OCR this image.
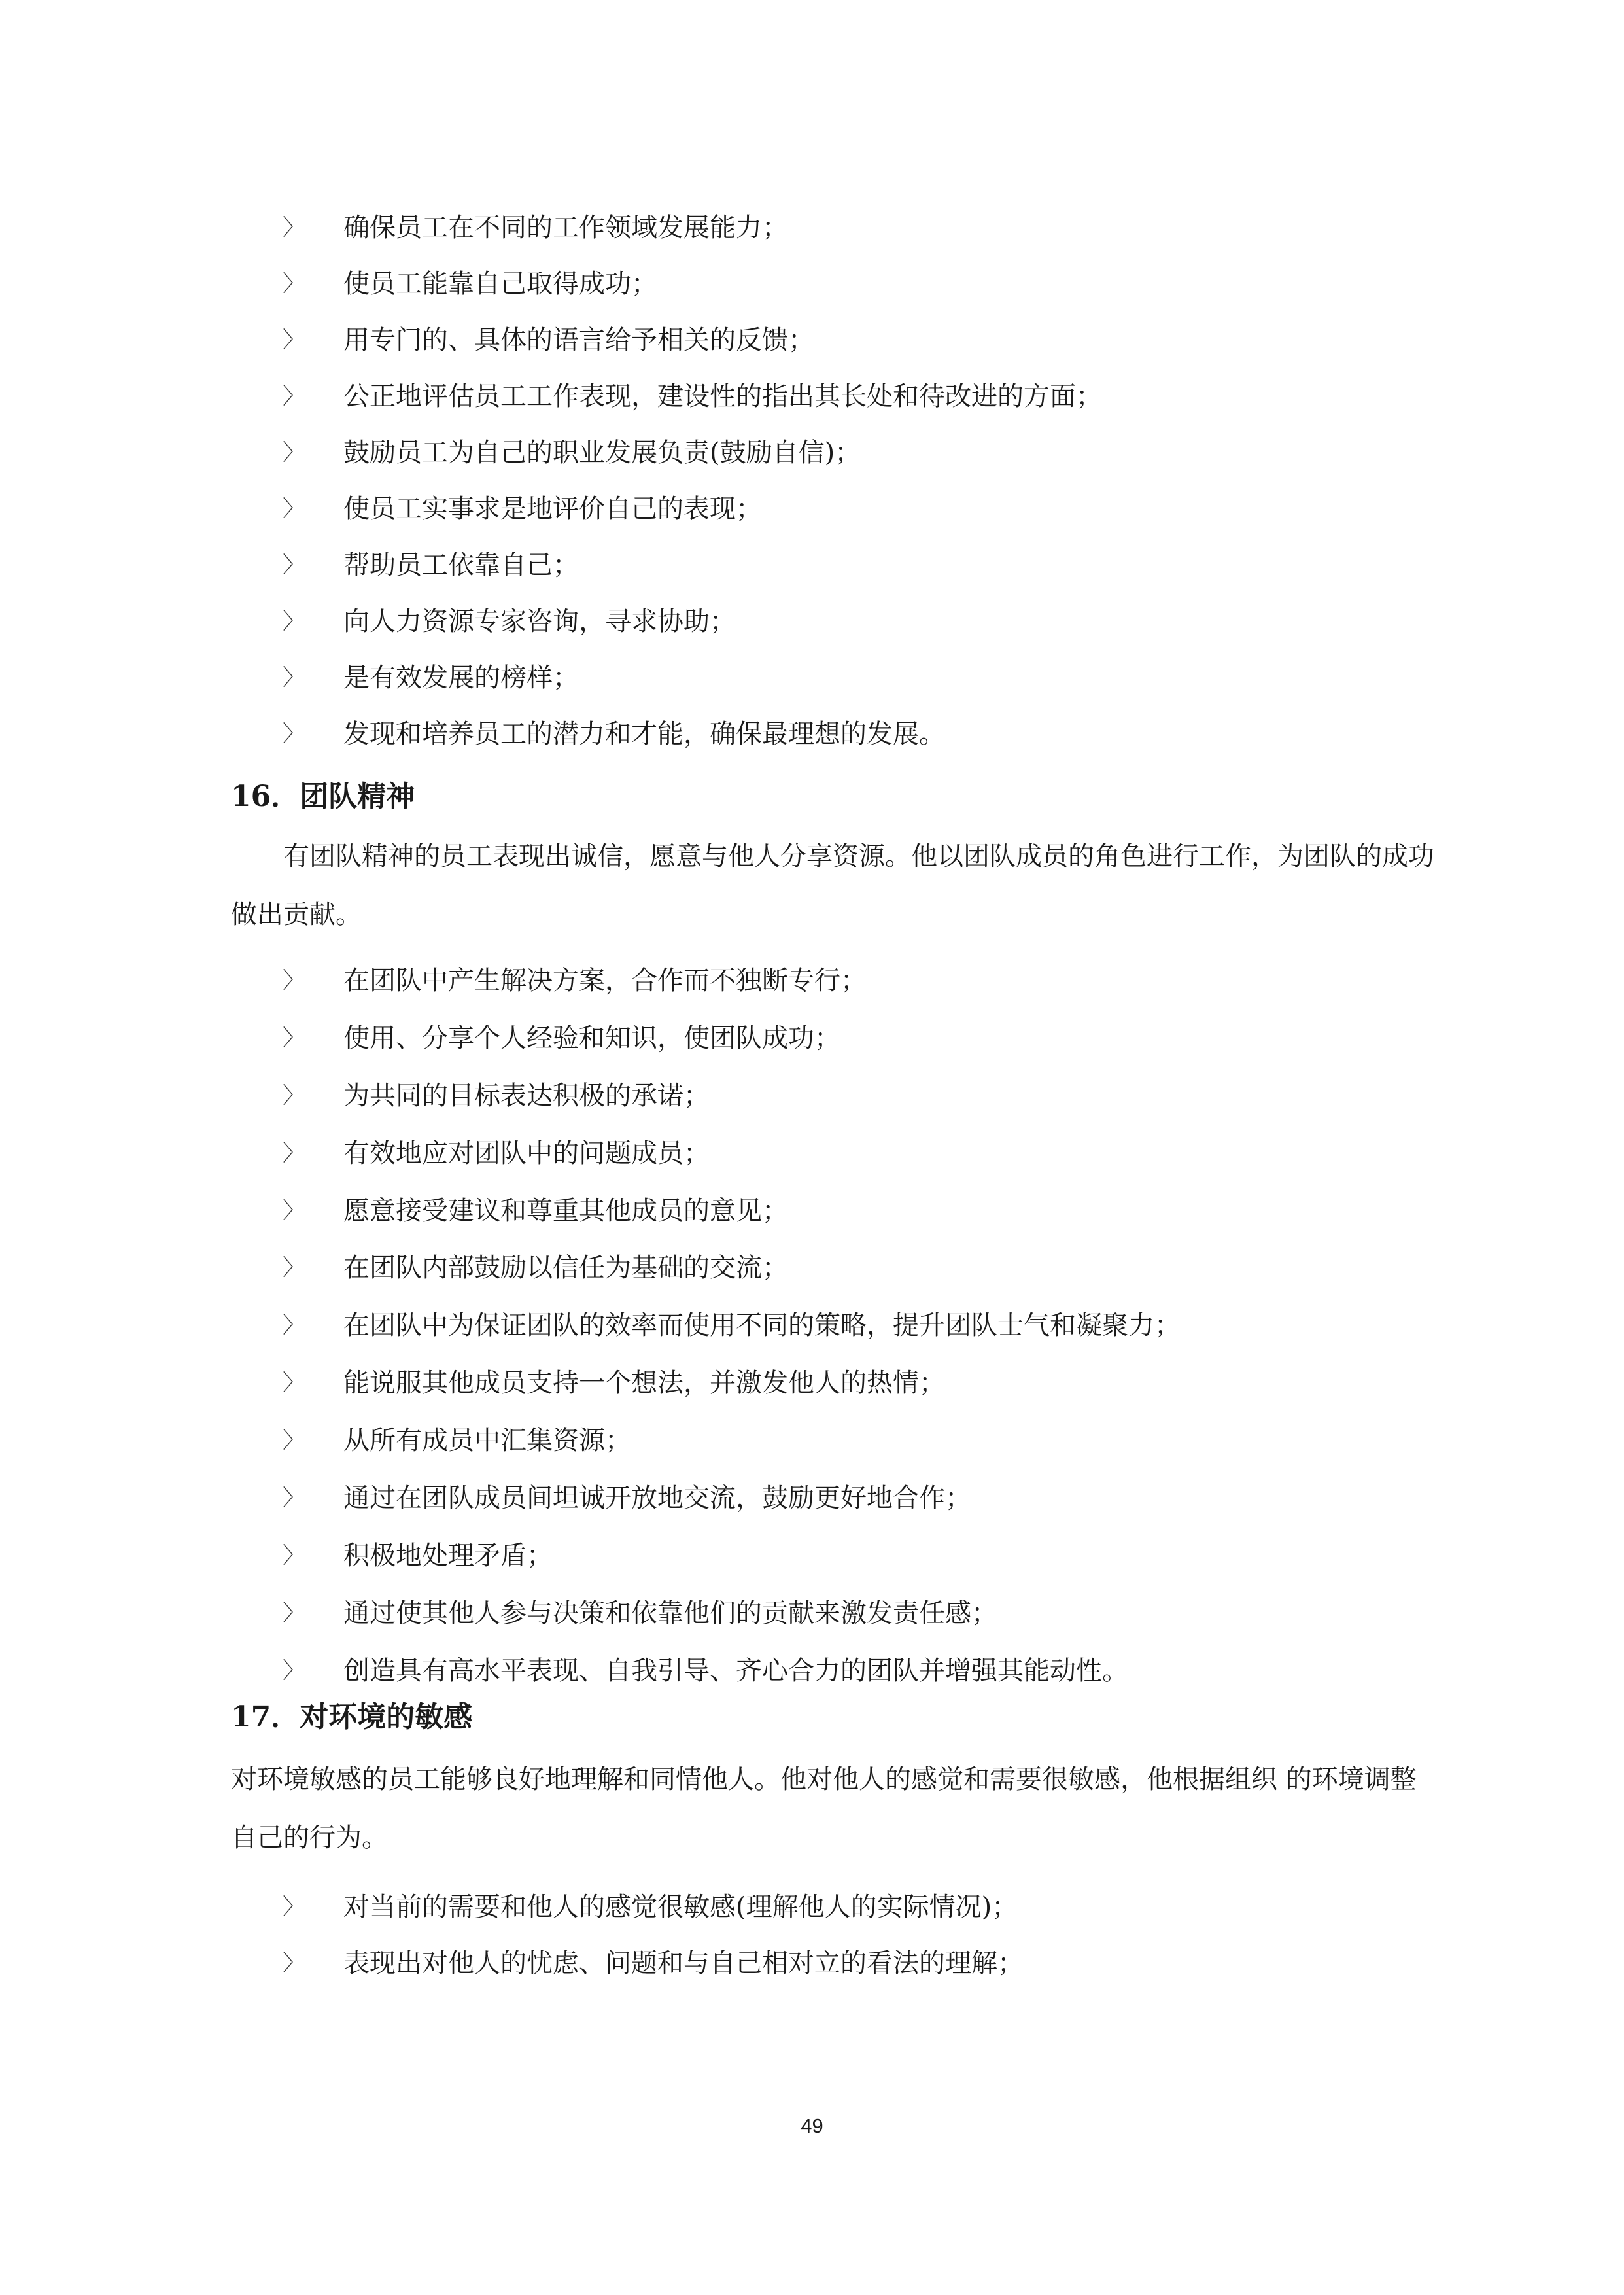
〉 确保员工在不同的工作领域发展能力；
〉 使员工能靠自己取得成功；
〉 用专门的、具体的语言给予相关的反馈；
〉 公正地评估员工工作表现，建设性的指出其长处和待改进的方面；
〉 鼓励员工为自己的职业发展负责(鼓励自信)；
〉 使员工实事求是地评价自己的表现；
〉 帮助员工依靠自己；
〉 向人力资源专家咨询，寻求协助；
〉 是有效发展的榜样；
〉 发现和培养员工的潜力和才能，确保最理想的发展。
16．团队精神

有团队精神的员工表现出诚信，愿意与他人分享资源。他以团队成员的角色进行工作，为团队的成功做出贡献。

〉 在团队中产生解决方案，合作而不独断专行；
〉 使用、分享个人经验和知识，使团队成功；
〉 为共同的目标表达积极的承诺；
〉 有效地应对团队中的问题成员；
〉 愿意接受建议和尊重其他成员的意见；
〉 在团队内部鼓励以信任为基础的交流；
〉 在团队中为保证团队的效率而使用不同的策略，提升团队士气和凝聚力；
〉 能说服其他成员支持一个想法，并激发他人的热情；
〉 从所有成员中汇集资源；
〉 通过在团队成员间坦诚开放地交流，鼓励更好地合作；
〉 积极地处理矛盾；
〉 通过使其他人参与决策和依靠他们的贡献来激发责任感；
〉 创造具有高水平表现、自我引导、齐心合力的团队并增强其能动性。
17．对环境的敏感

对环境敏感的员工能够良好地理解和同情他人。他对他人的感觉和需要很敏感，他根据组织 的环境调整自己的行为。

〉 对当前的需要和他人的感觉很敏感(理解他人的实际情况)；
〉 表现出对他人的忧虑、问题和与自己相对立的看法的理解；
49
